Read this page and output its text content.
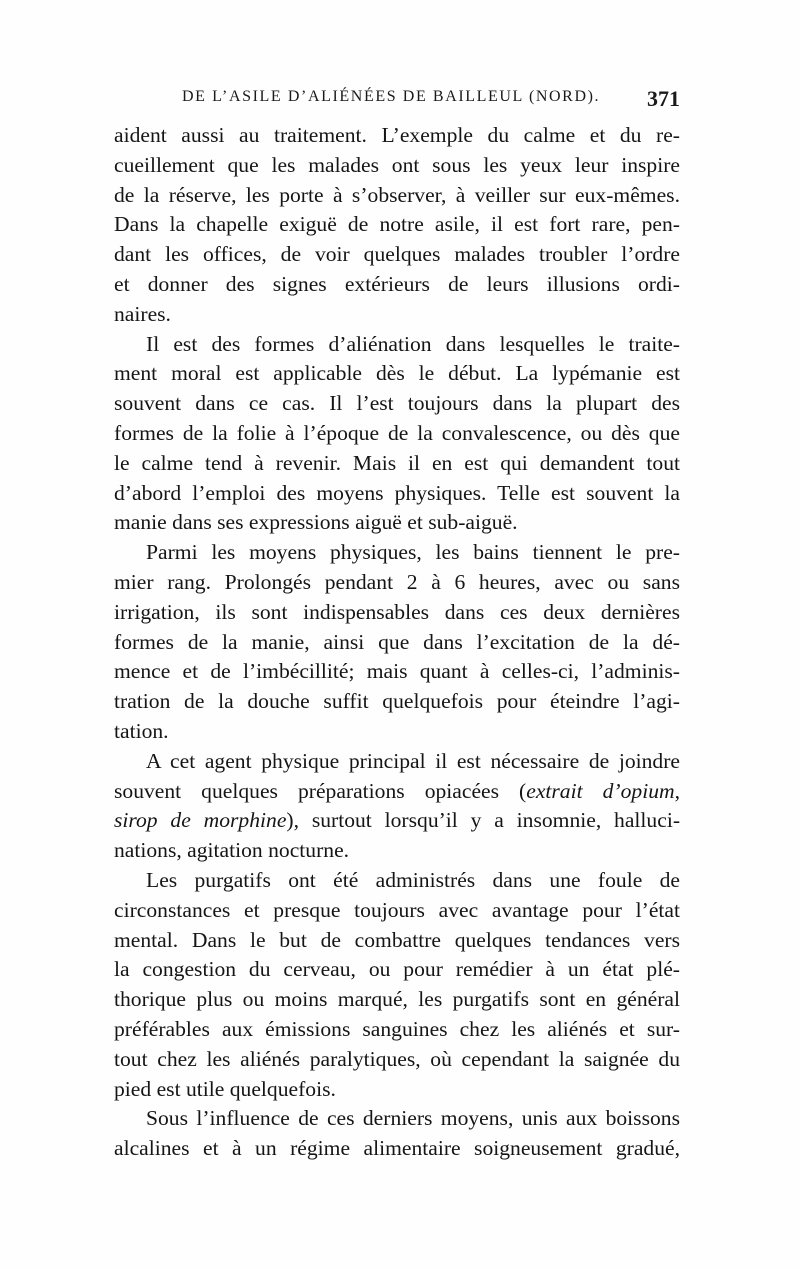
DE L’ASILE D’ALIÉNÉES DE BAILLEUL (NORD). 371
aident aussi au traitement. L’exemple du calme et du re-
cueillement que les malades ont sous les yeux leur inspire
de la réserve, les porte à s’observer, à veiller sur eux-mêmes.
Dans la chapelle exiguë de notre asile, il est fort rare, pen-
dant les offices, de voir quelques malades troubler l’ordre
et donner des signes extérieurs de leurs illusions ordi-
naires.
Il est des formes d’aliénation dans lesquelles le traite-
ment moral est applicable dès le début. La lypémanie est
souvent dans ce cas. Il l’est toujours dans la plupart des
formes de la folie à l’époque de la convalescence, ou dès que
le calme tend à revenir. Mais il en est qui demandent tout
d’abord l’emploi des moyens physiques. Telle est souvent la
manie dans ses expressions aiguë et sub-aiguë.
Parmi les moyens physiques, les bains tiennent le pre-
mier rang. Prolongés pendant 2 à 6 heures, avec ou sans
irrigation, ils sont indispensables dans ces deux dernières
formes de la manie, ainsi que dans l’excitation de la dé-
mence et de l’imbécillité; mais quant à celles-ci, l’adminis-
tration de la douche suffit quelquefois pour éteindre l’agi-
tation.
A cet agent physique principal il est nécessaire de joindre
souvent quelques préparations opiacées (extrait d’opium,
sirop de morphine), surtout lorsqu’il y a insomnie, halluci-
nations, agitation nocturne.
Les purgatifs ont été administrés dans une foule de
circonstances et presque toujours avec avantage pour l’état
mental. Dans le but de combattre quelques tendances vers
la congestion du cerveau, ou pour remédier à un état plé-
thorique plus ou moins marqué, les purgatifs sont en général
préférables aux émissions sanguines chez les aliénés et sur-
tout chez les aliénés paralytiques, où cependant la saignée du
pied est utile quelquefois.
Sous l’influence de ces derniers moyens, unis aux boissons
alcalines et à un régime alimentaire soigneusement gradué,
